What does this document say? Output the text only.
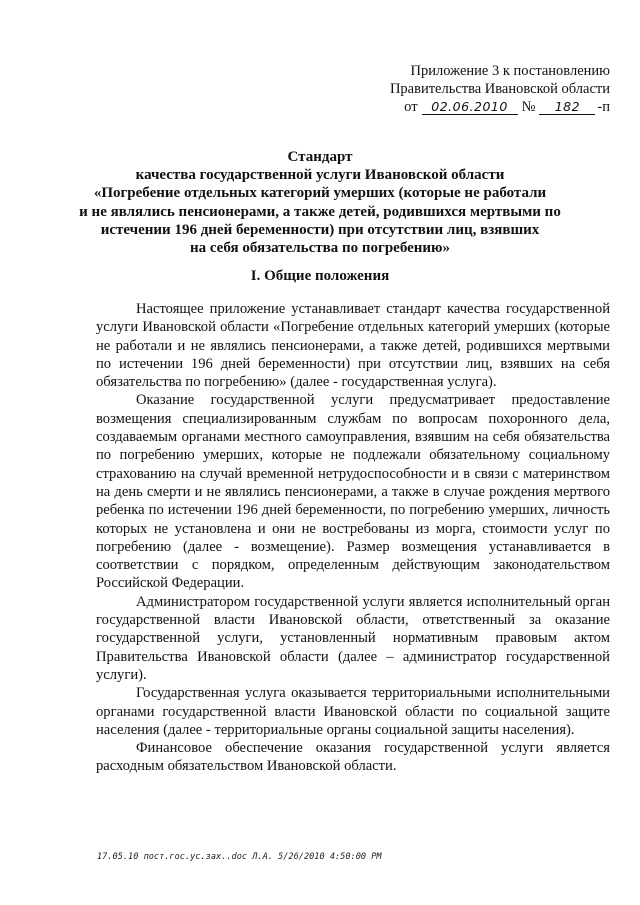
Приложение 3 к постановлению
Правительства Ивановской области
от	02.06.2010 №	182	-п
Стандарт
качества государственной услуги Ивановской области
«Погребение отдельных категорий умерших (которые не работали
и не являлись пенсионерами, а также детей, родившихся мертвыми по
истечении 196 дней беременности) при отсутствии лиц, взявших
на себя обязательства по погребению»
I. Общие положения

Настоящее приложение устанавливает стандарт качества государственной услуги Ивановской области «Погребение отдельных категорий умерших (которые не работали и не являлись пенсионерами, а также детей, родившихся мертвыми по истечении 196 дней беременности) при отсутствии лиц, взявших на себя обязательства по погребению» (далее - государственная услуга).

Оказание государственной услуги предусматривает предоставление возмещения специализированным службам по вопросам похоронного дела, создаваемым органами местного самоуправления, взявшим на себя обязательства по погребению умерших, которые не подлежали обязательному социальному страхованию на случай временной нетрудоспособности и в связи с материнством на день смерти и не являлись пенсионерами, а также в случае рождения мертвого ребенка по истечении 196 дней беременности, по погребению умерших, личность которых не установлена и они не востребованы из морга, стоимости услуг по погребению (далее - возмещение). Размер возмещения устанавливается в соответствии с порядком, определенным действующим законодательством Российской Федерации.

Администратором государственной услуги является исполнительный орган государственной власти Ивановской области, ответственный за оказание государственной услуги, установленный нормативным правовым актом Правительства Ивановской области (далее – администратор государственной услуги).

Государственная услуга оказывается территориальными исполнительными органами государственной власти Ивановской области по социальной защите населения (далее - территориальные органы социальной защиты населения).

Финансовое обеспечение оказания государственной услуги является расходным обязательством Ивановской области.

17.05.10 пост.гос.ус.зах..doc Л.А. 5/26/2010 4:50:00 PM
